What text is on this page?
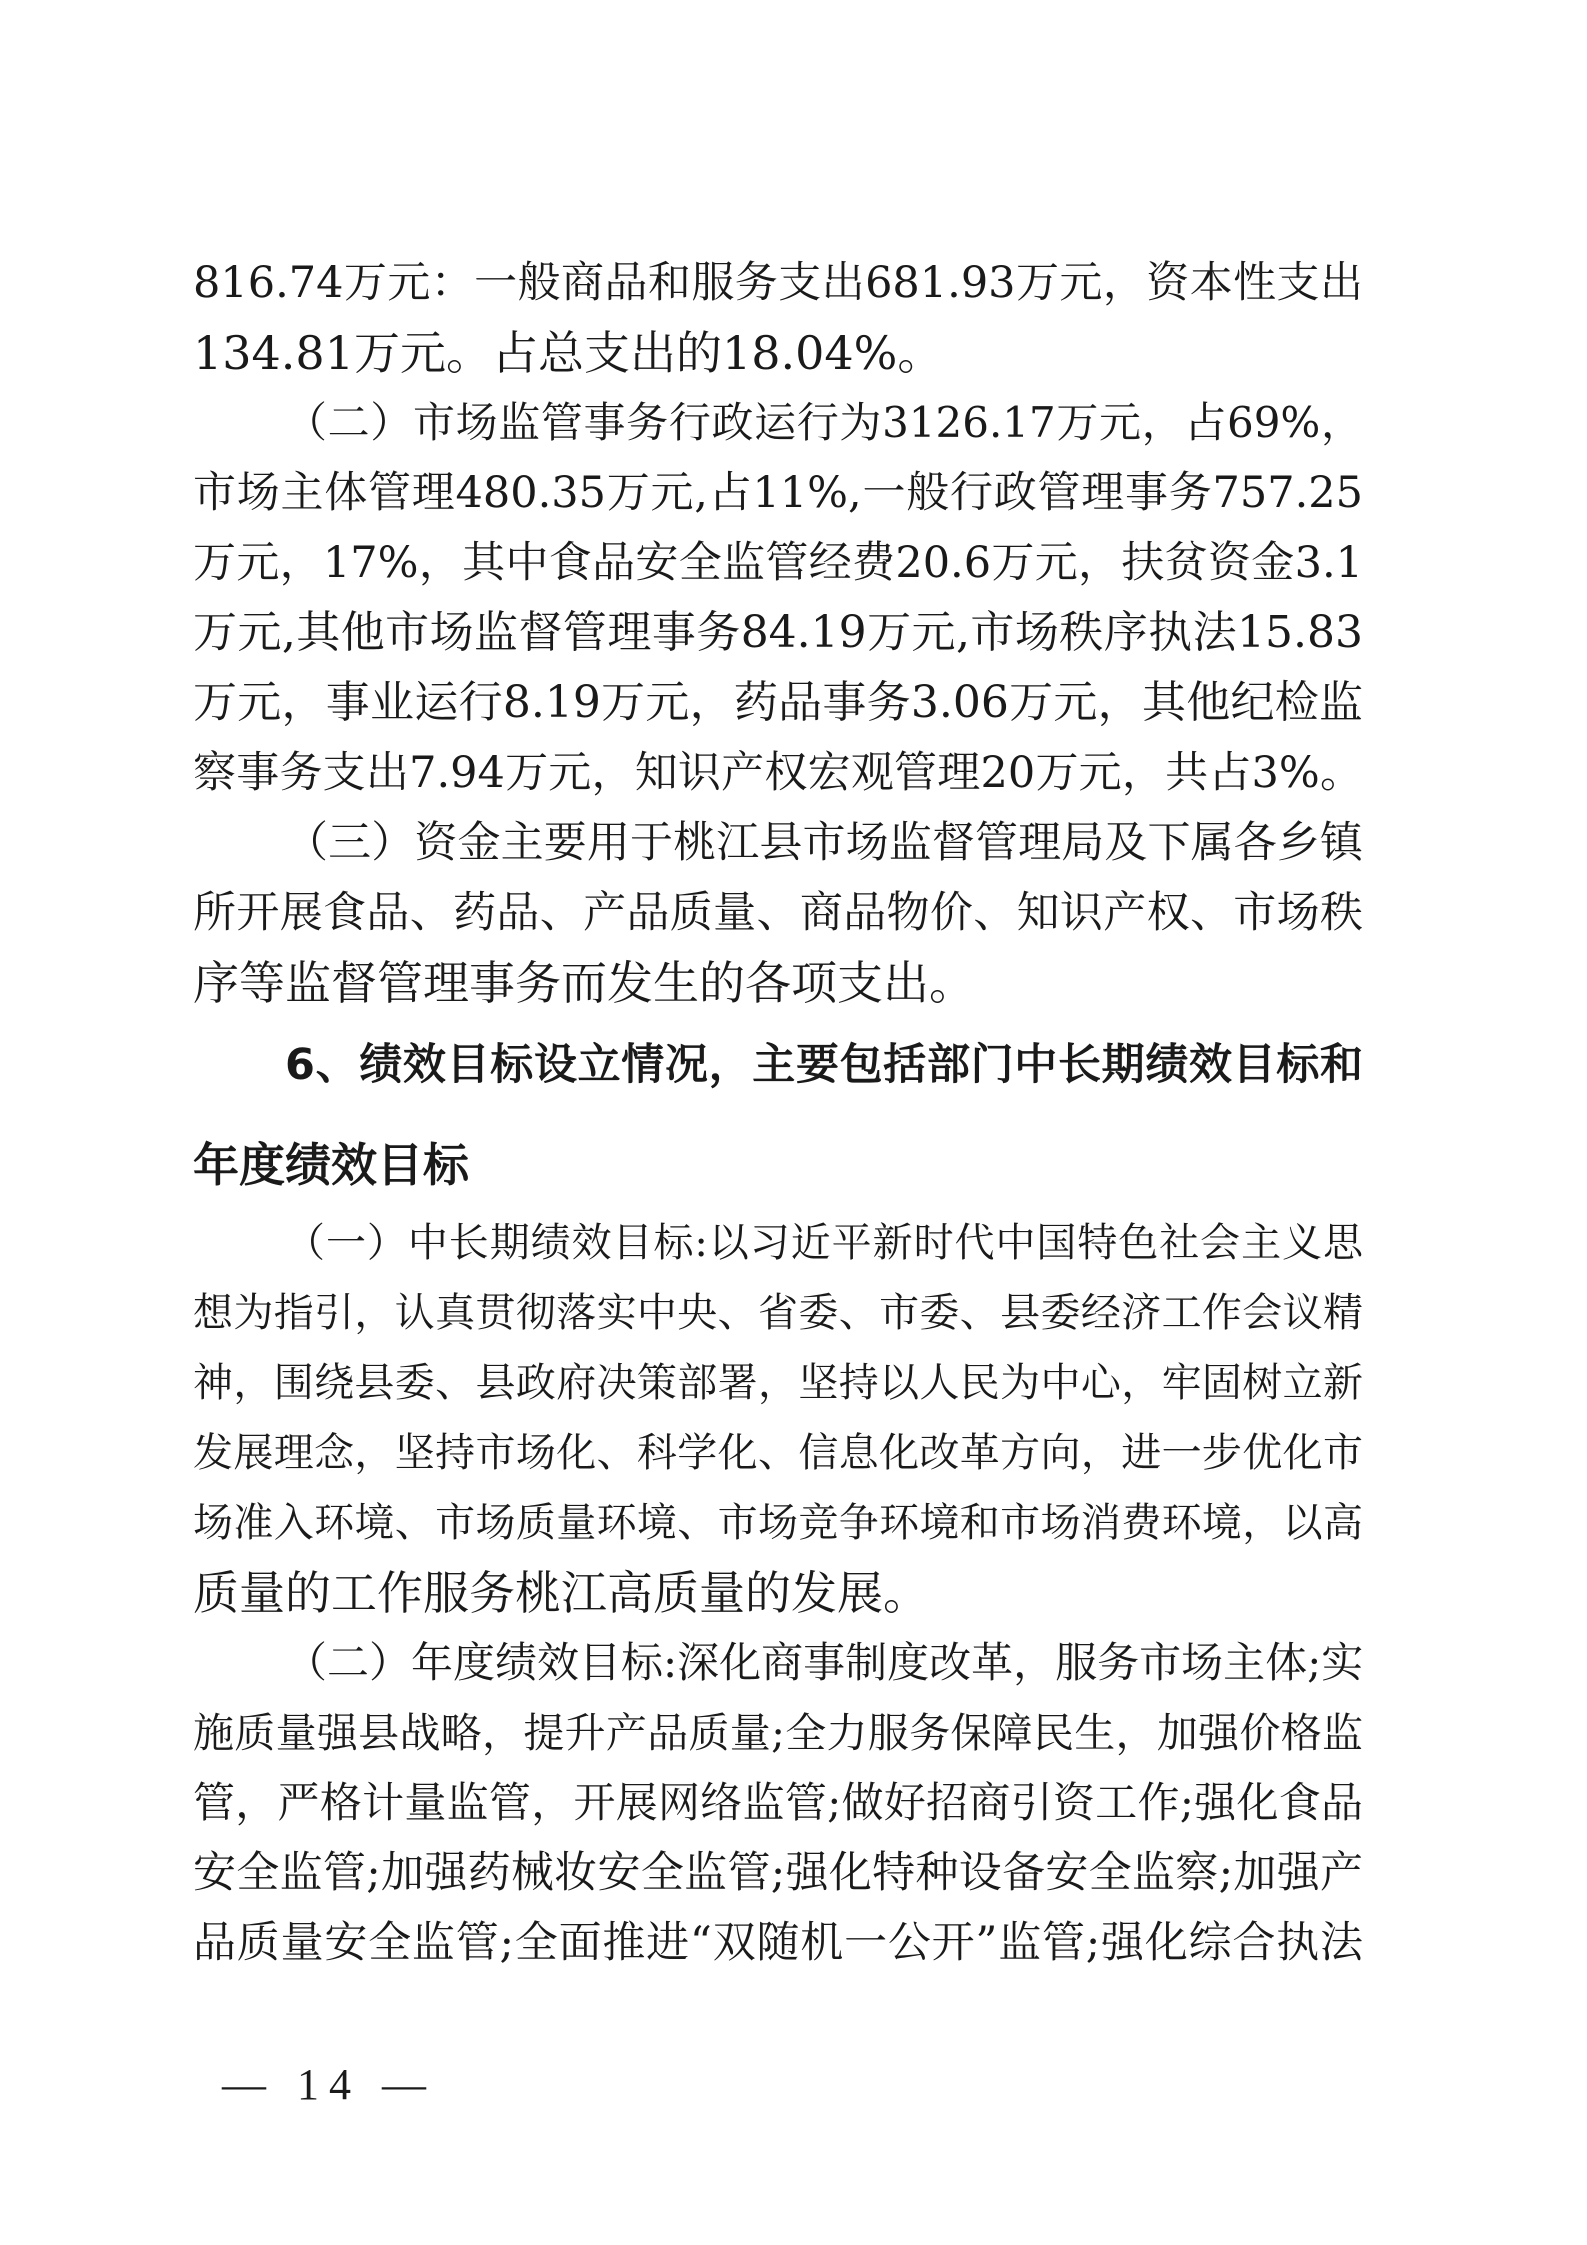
816.74万元：一般商品和服务支出681.93万元，资本性支出
134.81万元。占总支出的18.04%。
（二）市场监管事务行政运行为3126.17万元，占69%，
市场主体管理480.35万元,占11%,一般行政管理事务757.25
万元，17%，其中食品安全监管经费20.6万元，扶贫资金3.1
万元,其他市场监督管理事务84.19万元,市场秩序执法15.83
万元，事业运行8.19万元，药品事务3.06万元，其他纪检监
察事务支出7.94万元，知识产权宏观管理20万元，共占3%。
（三）资金主要用于桃江县市场监督管理局及下属各乡镇
所开展食品、药品、产品质量、商品物价、知识产权、市场秩
序等监督管理事务而发生的各项支出。
6、绩效目标设立情况，主要包括部门中长期绩效目标和
年度绩效目标
（一）中长期绩效目标:以习近平新时代中国特色社会主义思
想为指引，认真贯彻落实中央、省委、市委、县委经济工作会议精
神，围绕县委、县政府决策部署，坚持以人民为中心，牢固树立新
发展理念，坚持市场化、科学化、信息化改革方向，进一步优化市
场准入环境、市场质量环境、市场竞争环境和市场消费环境，以高
质量的工作服务桃江高质量的发展。
（二）年度绩效目标:深化商事制度改革，服务市场主体;实
施质量强县战略，提升产品质量;全力服务保障民生，加强价格监
管，严格计量监管，开展网络监管;做好招商引资工作;强化食品
安全监管;加强药械妆安全监管;强化特种设备安全监察;加强产
品质量安全监管;全面推进“双随机一公开”监管;强化综合执法
— 14 —
